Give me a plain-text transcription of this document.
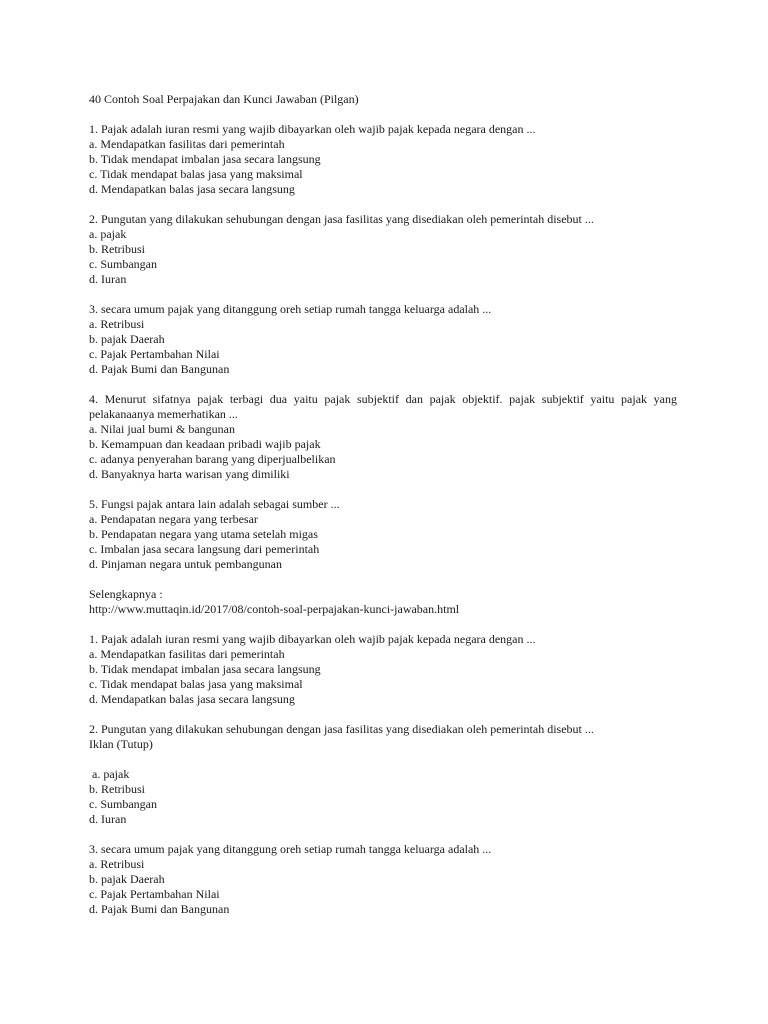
40 Contoh Soal Perpajakan dan Kunci Jawaban (Pilgan)
1. Pajak adalah iuran resmi yang wajib dibayarkan oleh wajib pajak kepada negara dengan ...
a. Mendapatkan fasilitas dari pemerintah
b. Tidak mendapat imbalan jasa secara langsung
c. Tidak mendapat balas jasa yang maksimal
d. Mendapatkan balas jasa secara langsung
2. Pungutan yang dilakukan sehubungan dengan jasa fasilitas yang disediakan oleh pemerintah disebut ...
a. pajak
b. Retribusi
c. Sumbangan
d. Iuran
3. secara umum pajak yang ditanggung oreh setiap rumah tangga keluarga adalah ...
a. Retribusi
b. pajak Daerah
c. Pajak Pertambahan Nilai
d. Pajak Bumi dan Bangunan
4. Menurut sifatnya pajak terbagi dua yaitu pajak subjektif dan pajak objektif. pajak subjektif yaitu pajak yang
pelakanaanya memerhatikan ...
a. Nilai jual bumi & bangunan
b. Kemampuan dan keadaan pribadi wajib pajak
c. adanya penyerahan barang yang diperjualbelikan
d. Banyaknya harta warisan yang dimiliki
5. Fungsi pajak antara lain adalah sebagai sumber ...
a. Pendapatan negara yang terbesar
b. Pendapatan negara yang utama setelah migas
c. Imbalan jasa secara langsung dari pemerintah
d. Pinjaman negara untuk pembangunan
Selengkapnya :
http://www.muttaqin.id/2017/08/contoh-soal-perpajakan-kunci-jawaban.html
1. Pajak adalah iuran resmi yang wajib dibayarkan oleh wajib pajak kepada negara dengan ...
a. Mendapatkan fasilitas dari pemerintah
b. Tidak mendapat imbalan jasa secara langsung
c. Tidak mendapat balas jasa yang maksimal
d. Mendapatkan balas jasa secara langsung
2. Pungutan yang dilakukan sehubungan dengan jasa fasilitas yang disediakan oleh pemerintah disebut ...
Iklan (Tutup)
a. pajak
b. Retribusi
c. Sumbangan
d. Iuran
3. secara umum pajak yang ditanggung oreh setiap rumah tangga keluarga adalah ...
a. Retribusi
b. pajak Daerah
c. Pajak Pertambahan Nilai
d. Pajak Bumi dan Bangunan
